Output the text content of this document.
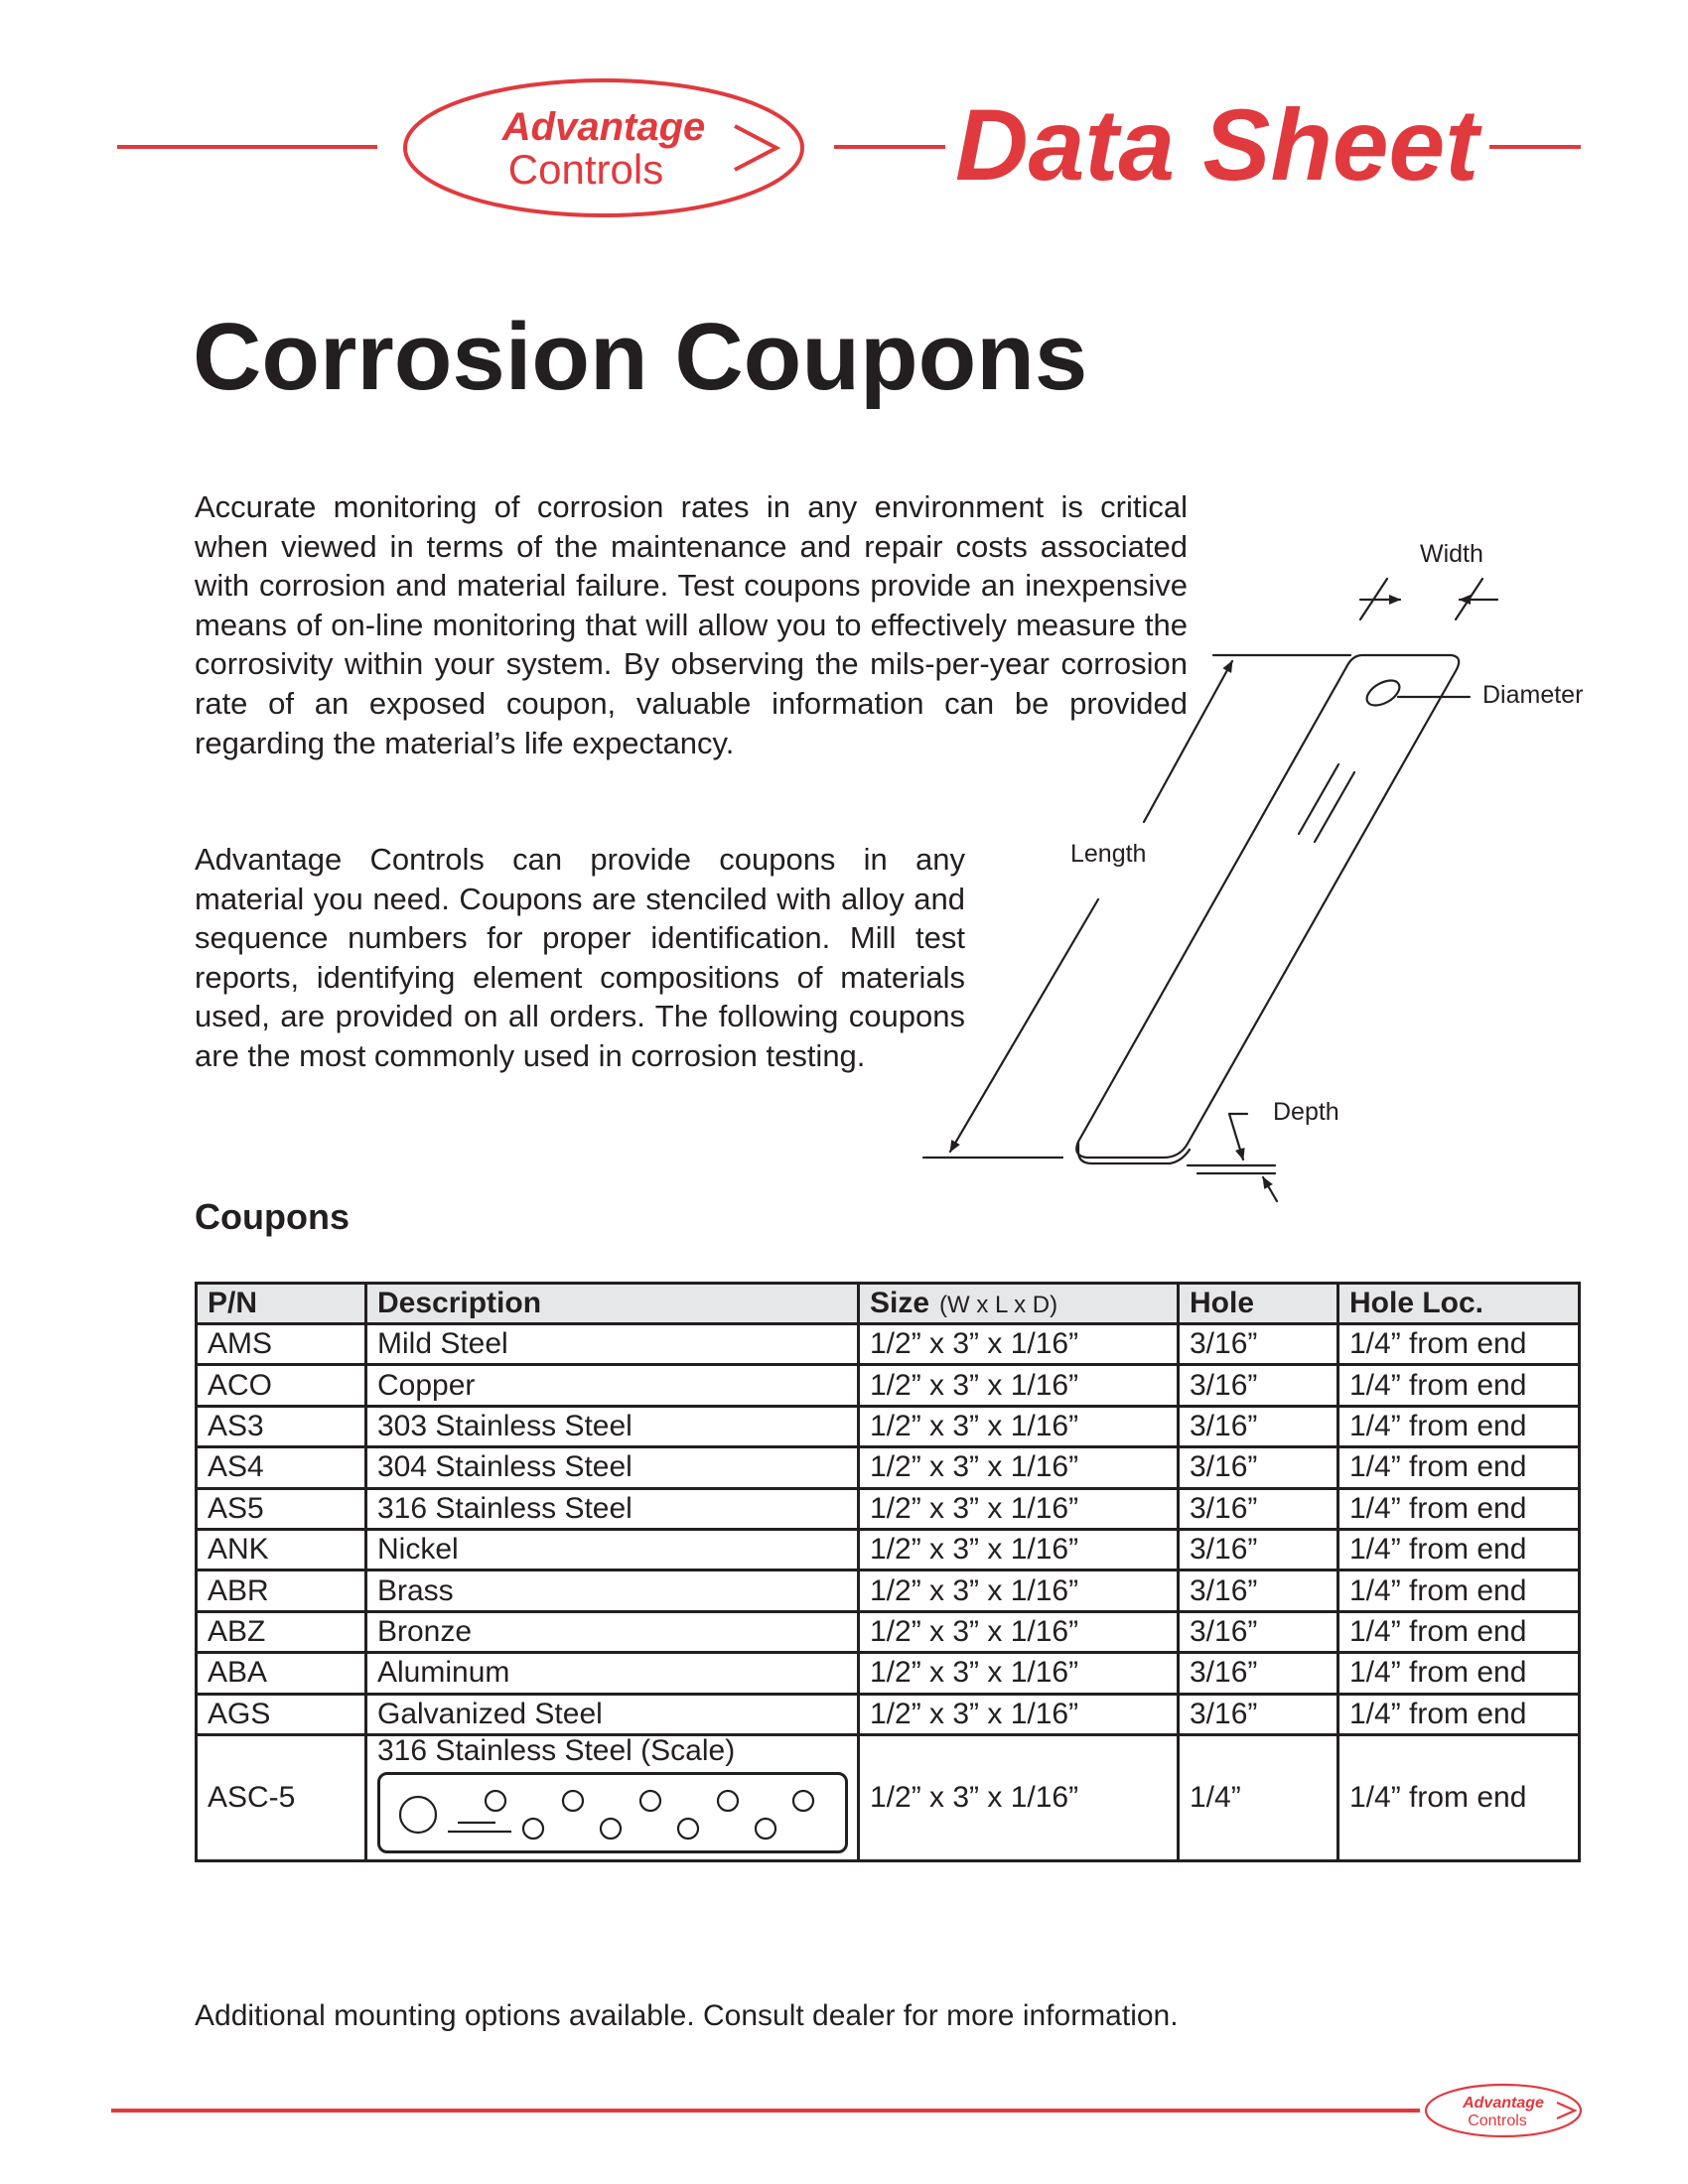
Advantage
Controls	Data Sheet
Corrosion Coupons

Accurate monitoring of corrosion rates in any environment is critical when viewed in terms of the maintenance and repair costs associated with corrosion and material failure. Test coupons provide an inexpensive means of on-line monitoring that will allow you to effectively measure the corrosivity within your system. By observing the mils-per-year corrosion rate of an exposed coupon, valuable information can be provided regarding the material’s life expectancy.

Advantage Controls can provide coupons in any material you need. Coupons are stenciled with alloy and sequence numbers for proper identification. Mill test reports, identifying element compositions of materials used, are provided on all orders. The following coupons are the most commonly used in corrosion testing.

Width
Diameter
Length
Depth
Coupons
P/N	Description	Size (W x L x D)	Hole	Hole Loc.
AMS	Mild Steel	1/2” x 3” x 1/16”	3/16”	1/4” from end
ACO	Copper	1/2” x 3” x 1/16”	3/16”	1/4” from end
AS3	303 Stainless Steel	1/2” x 3” x 1/16”	3/16”	1/4” from end
AS4	304 Stainless Steel	1/2” x 3” x 1/16”	3/16”	1/4” from end
AS5	316 Stainless Steel	1/2” x 3” x 1/16”	3/16”	1/4” from end
ANK	Nickel	1/2” x 3” x 1/16”	3/16”	1/4” from end
ABR	Brass	1/2” x 3” x 1/16”	3/16”	1/4” from end
ABZ	Bronze	1/2” x 3” x 1/16”	3/16”	1/4” from end
ABA	Aluminum	1/2” x 3” x 1/16”	3/16”	1/4” from end
AGS	Galvanized Steel	1/2” x 3” x 1/16”	3/16”	1/4” from end
ASC-5	316 Stainless Steel (Scale)	1/2” x 3” x 1/16”	1/4”	1/4” from end
Additional mounting options available. Consult dealer for more information.
Advantage
Controls
